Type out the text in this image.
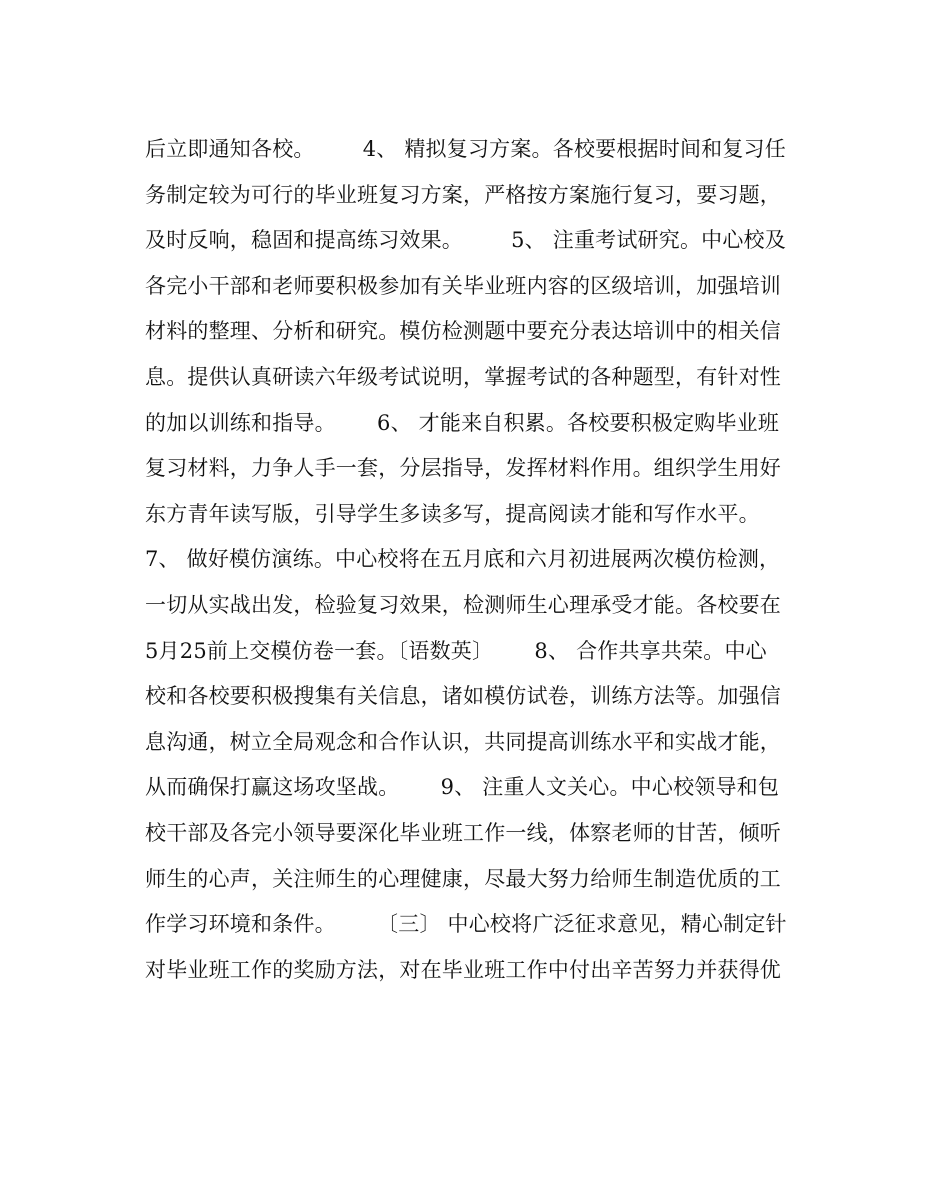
后立即通知各校。       4、 精拟复习方案。各校要根据时间和复习任
务制定较为可行的毕业班复习方案，严格按方案施行复习，要习题，
及时反响，稳固和提高练习效果。       5、 注重考试研究。中心校及
各完小干部和老师要积极参加有关毕业班内容的区级培训，加强培训
材料的整理、分析和研究。模仿检测题中要充分表达培训中的相关信
息。提供认真研读六年级考试说明，掌握考试的各种题型，有针对性
的加以训练和指导。      6、 才能来自积累。各校要积极定购毕业班
复习材料，力争人手一套，分层指导，发挥材料作用。组织学生用好
东方青年读写版，引导学生多读多写，提高阅读才能和写作水平。
7、 做好模仿演练。中心校将在五月底和六月初进展两次模仿检测，
一切从实战出发，检验复习效果，检测师生心理承受才能。各校要在
5月25前上交模仿卷一套。〔语数英〕      8、 合作共享共荣。中心
校和各校要积极搜集有关信息，诸如模仿试卷，训练方法等。加强信
息沟通，树立全局观念和合作认识，共同提高训练水平和实战才能，
从而确保打赢这场攻坚战。      9、 注重人文关心。中心校领导和包
校干部及各完小领导要深化毕业班工作一线，体察老师的甘苦，倾听
师生的心声，关注师生的心理健康，尽最大努力给师生制造优质的工
作学习环境和条件。      〔三〕 中心校将广泛征求意见，精心制定针
对毕业班工作的奖励方法，对在毕业班工作中付出辛苦努力并获得优
